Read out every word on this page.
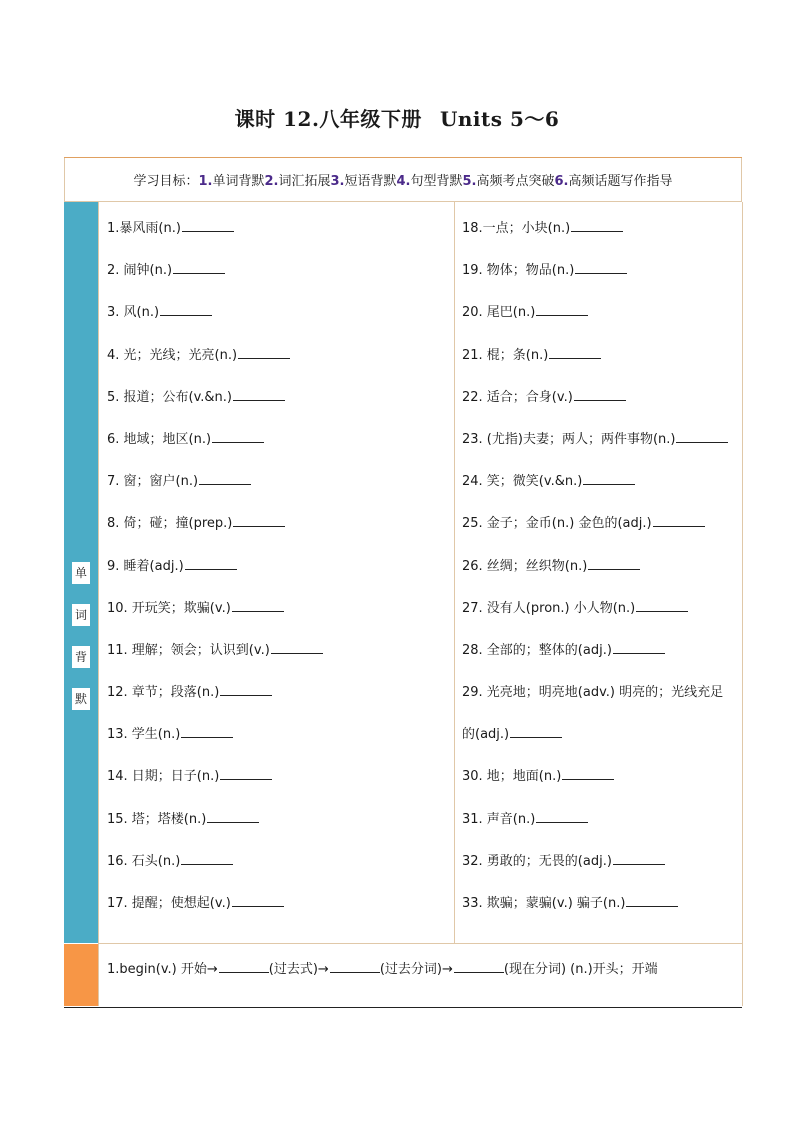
课时 12.八年级下册 Units 5～6
学习目标： 1.单词背默2.词汇拓展3.短语背默4.句型背默5.高频考点突破6.高频话题写作指导
单
词
背
默
1.暴风雨(n.)
2. 闹钟(n.)
3. 风(n.)
4. 光；光线；光亮(n.)
5. 报道；公布(v.&n.)
6. 地域；地区(n.)
7. 窗；窗户(n.)
8. 倚；碰；撞(prep.)
9. 睡着(adj.)
10. 开玩笑；欺骗(v.)
11. 理解；领会；认识到(v.)
12. 章节；段落(n.)
13. 学生(n.)
14. 日期；日子(n.)
15. 塔；塔楼(n.)
16. 石头(n.)
17. 提醒；使想起(v.)
18.一点；小块(n.)
19. 物体；物品(n.)
20. 尾巴(n.)
21. 棍；条(n.)
22. 适合；合身(v.)
23. (尤指)夫妻；两人；两件事物(n.)
24. 笑；微笑(v.&n.)
25. 金子；金币(n.) 金色的(adj.)
26. 丝绸；丝织物(n.)
27. 没有人(pron.) 小人物(n.)
28. 全部的；整体的(adj.)
29. 光亮地；明亮地(adv.) 明亮的；光线充足的(adj.)
30. 地；地面(n.)
31. 声音(n.)
32. 勇敢的；无畏的(adj.)
33. 欺骗；蒙骗(v.) 骗子(n.)
1.begin(v.) 开始→	(过去式)→	(过去分词)→	(现在分词) (n.)开头；开端
